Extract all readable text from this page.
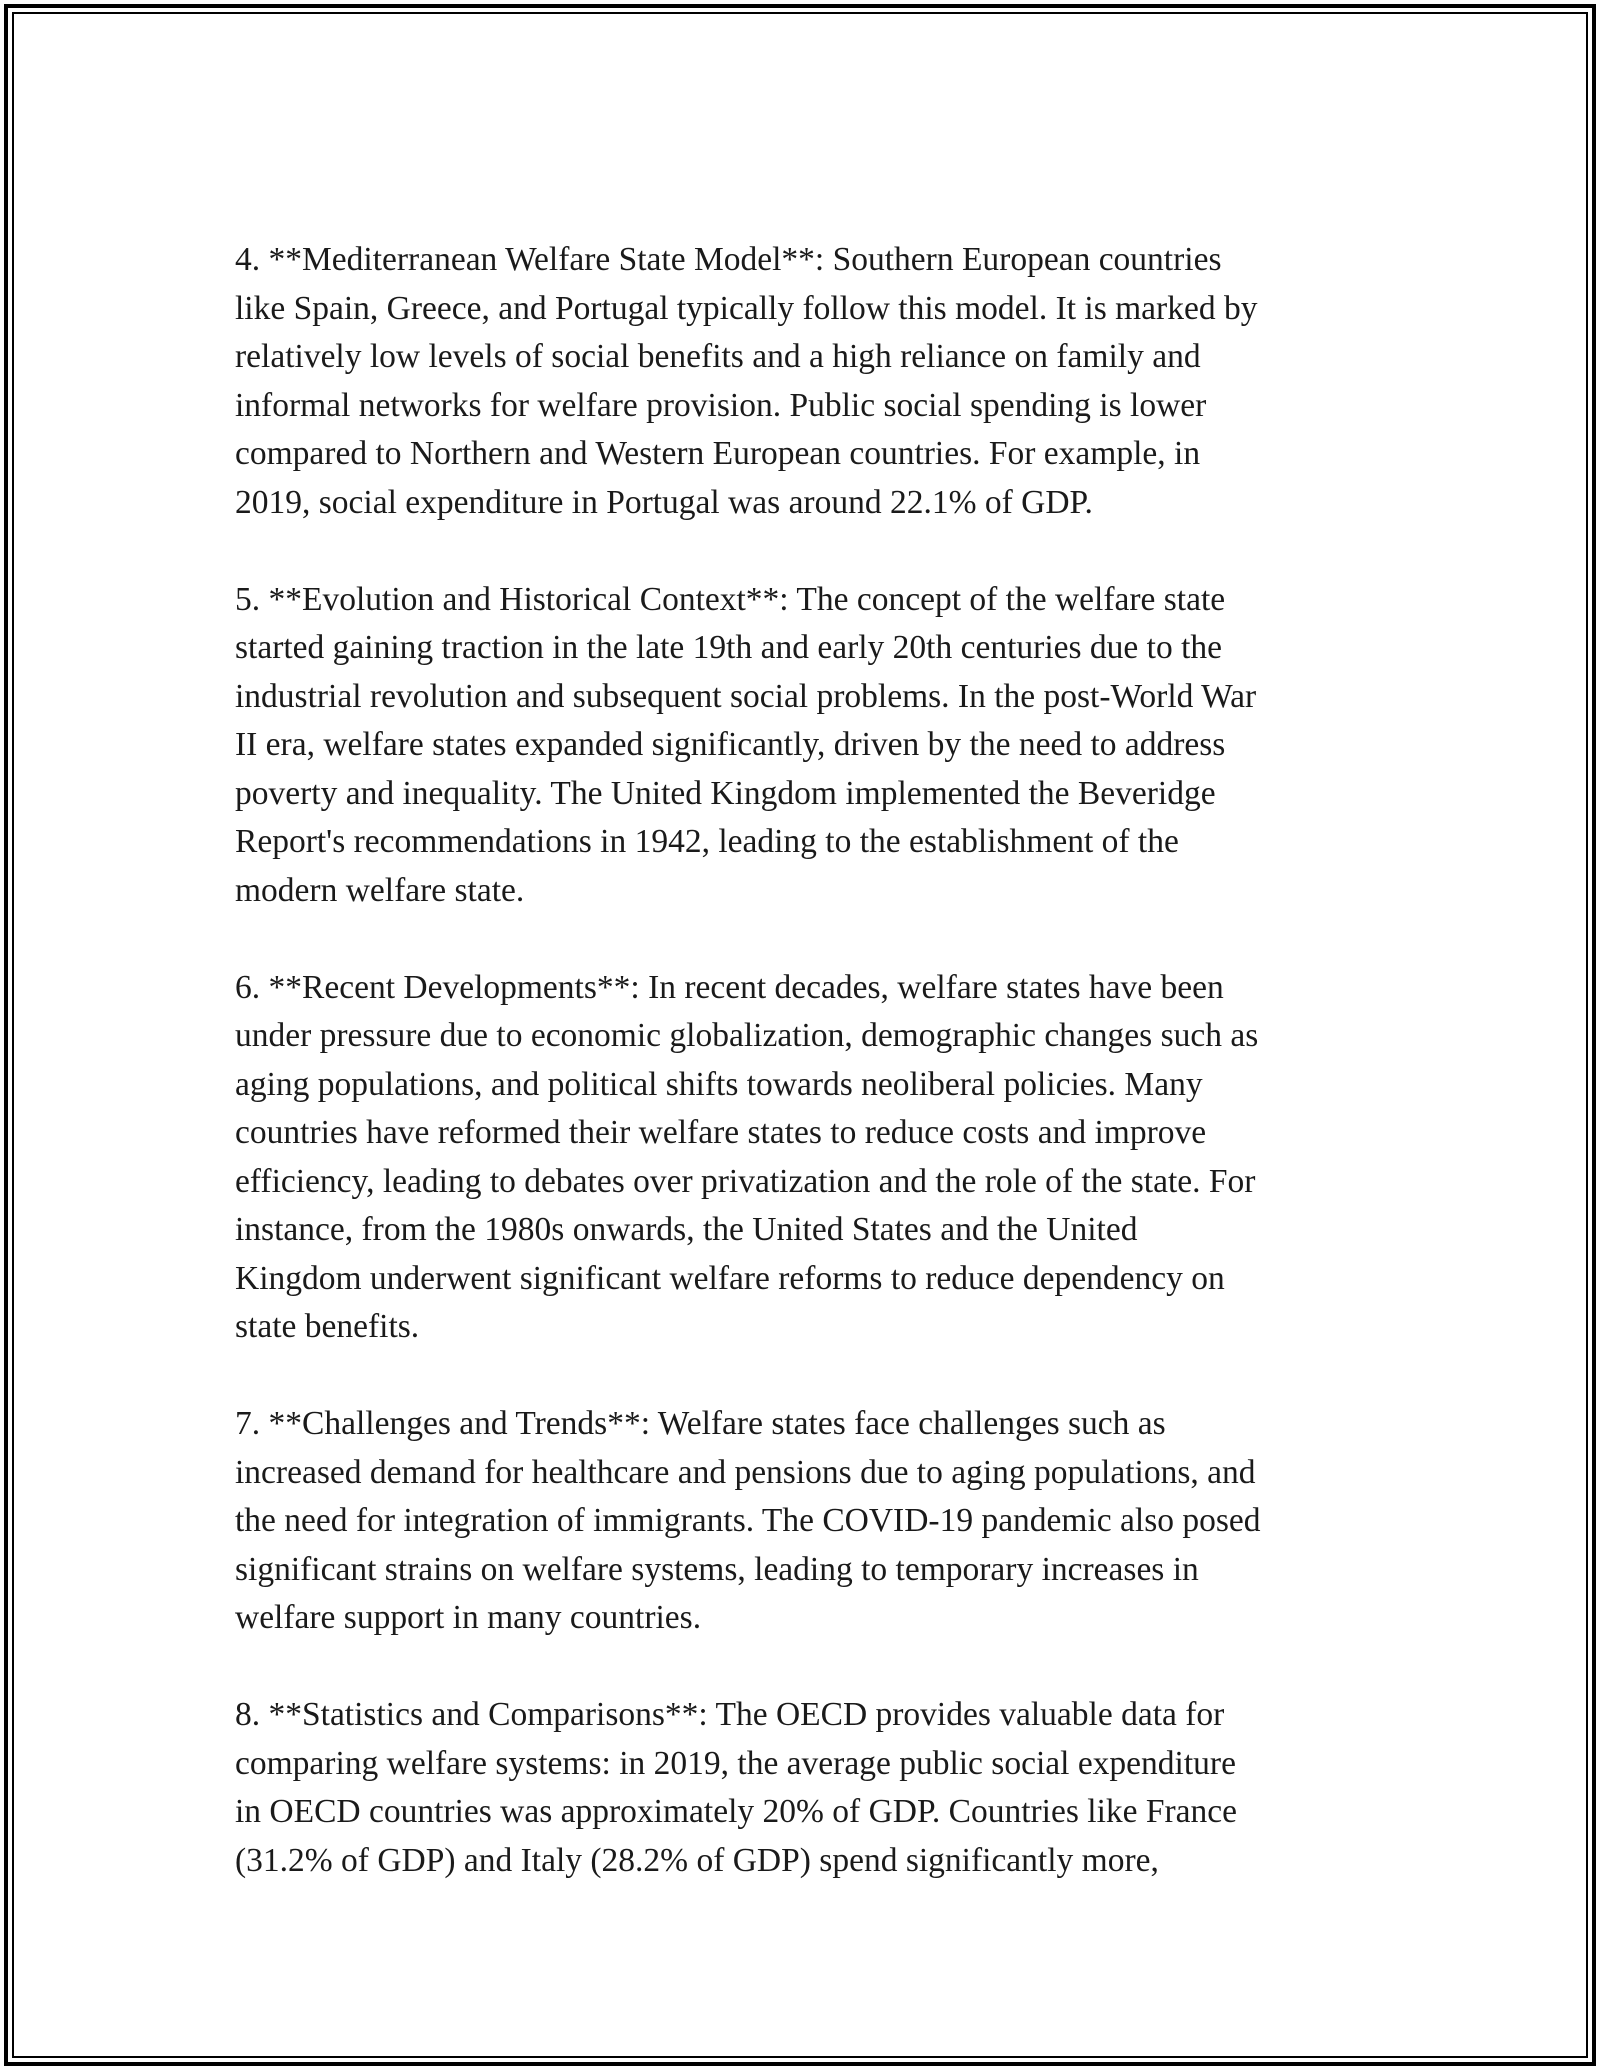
4. **Mediterranean Welfare State Model**: Southern European countries
like Spain, Greece, and Portugal typically follow this model. It is marked by
relatively low levels of social benefits and a high reliance on family and
informal networks for welfare provision. Public social spending is lower
compared to Northern and Western European countries. For example, in
2019, social expenditure in Portugal was around 22.1% of GDP.

5. **Evolution and Historical Context**: The concept of the welfare state
started gaining traction in the late 19th and early 20th centuries due to the
industrial revolution and subsequent social problems. In the post-World War
II era, welfare states expanded significantly, driven by the need to address
poverty and inequality. The United Kingdom implemented the Beveridge
Report's recommendations in 1942, leading to the establishment of the
modern welfare state.

6. **Recent Developments**: In recent decades, welfare states have been
under pressure due to economic globalization, demographic changes such as
aging populations, and political shifts towards neoliberal policies. Many
countries have reformed their welfare states to reduce costs and improve
efficiency, leading to debates over privatization and the role of the state. For
instance, from the 1980s onwards, the United States and the United
Kingdom underwent significant welfare reforms to reduce dependency on
state benefits.

7. **Challenges and Trends**: Welfare states face challenges such as
increased demand for healthcare and pensions due to aging populations, and
the need for integration of immigrants. The COVID-19 pandemic also posed
significant strains on welfare systems, leading to temporary increases in
welfare support in many countries.

8. **Statistics and Comparisons**: The OECD provides valuable data for
comparing welfare systems: in 2019, the average public social expenditure
in OECD countries was approximately 20% of GDP. Countries like France
(31.2% of GDP) and Italy (28.2% of GDP) spend significantly more,
